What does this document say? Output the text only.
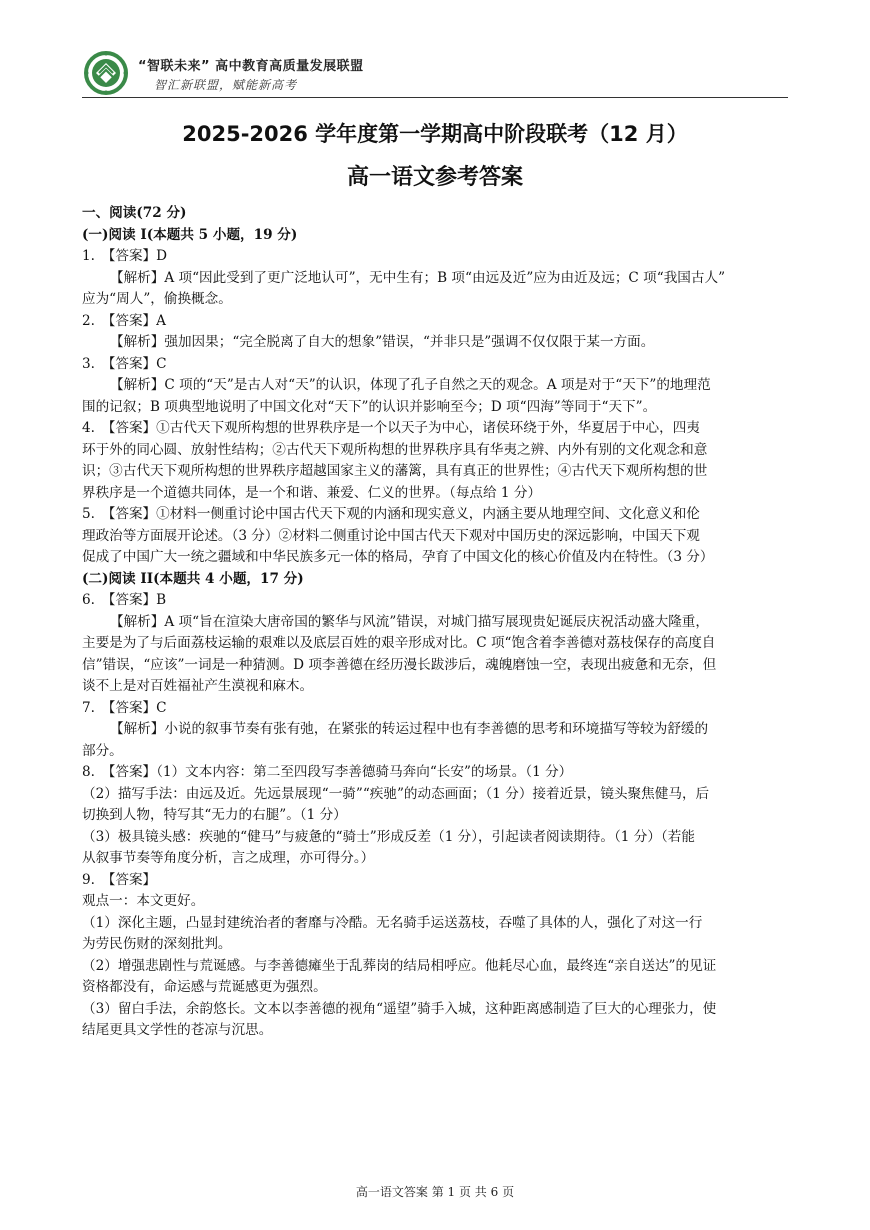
“智联未来” 高中教育高质量发展联盟
智汇新联盟，赋能新高考
2025-2026 学年度第一学期高中阶段联考（12 月）
高一语文参考答案
一、阅读(72 分)
(一)阅读 I(本题共 5 小题，19 分)
1.　【答案】D
【解析】A 项“因此受到了更广泛地认可”，无中生有；B 项“由远及近”应为由近及远；C 项“我国古人”
应为“周人”，偷换概念。
2.　【答案】A
【解析】强加因果；“完全脱离了自大的想象”错误，“并非只是”强调不仅仅限于某一方面。
3.　【答案】C
【解析】C 项的“天”是古人对“天”的认识，体现了孔子自然之天的观念。A 项是对于“天下”的地理范
围的记叙；B 项典型地说明了中国文化对“天下”的认识并影响至今；D 项“四海”等同于“天下”。
4.　【答案】①古代天下观所构想的世界秩序是一个以天子为中心，诸侯环绕于外，华夏居于中心，四夷
环于外的同心圆、放射性结构；②古代天下观所构想的世界秩序具有华夷之辨、内外有别的文化观念和意
识；③古代天下观所构想的世界秩序超越国家主义的藩篱，具有真正的世界性；④古代天下观所构想的世
界秩序是一个道德共同体，是一个和谐、兼爱、仁义的世界。（每点给 1 分）
5.　【答案】①材料一侧重讨论中国古代天下观的内涵和现实意义，内涵主要从地理空间、文化意义和伦
理政治等方面展开论述。（3 分）②材料二侧重讨论中国古代天下观对中国历史的深远影响，中国天下观
促成了中国广大一统之疆域和中华民族多元一体的格局，孕育了中国文化的核心价值及内在特性。（3 分）
(二)阅读 II(本题共 4 小题，17 分)
6.　【答案】B
【解析】A 项“旨在渲染大唐帝国的繁华与风流”错误，对城门描写展现贵妃诞辰庆祝活动盛大隆重，
主要是为了与后面荔枝运输的艰难以及底层百姓的艰辛形成对比。C 项“饱含着李善德对荔枝保存的高度自
信”错误，“应该”一词是一种猜测。D 项李善德在经历漫长跋涉后，魂魄磨蚀一空，表现出疲惫和无奈，但
谈不上是对百姓福祉产生漠视和麻木。
7.　【答案】C
【解析】小说的叙事节奏有张有弛，在紧张的转运过程中也有李善德的思考和环境描写等较为舒缓的
部分。
8.　【答案】（1）文本内容：第二至四段写李善德骑马奔向“长安”的场景。（1 分）
（2）描写手法：由远及近。先远景展现“一骑”“疾驰”的动态画面；（1 分）接着近景，镜头聚焦健马，后
切换到人物，特写其“无力的右腿”。（1 分）
（3）极具镜头感：疾驰的“健马”与疲惫的“骑士”形成反差（1 分），引起读者阅读期待。（1 分）（若能
从叙事节奏等角度分析，言之成理，亦可得分。）
9.　【答案】
观点一：本文更好。
（1）深化主题，凸显封建统治者的奢靡与冷酷。无名骑手运送荔枝，吞噬了具体的人，强化了对这一行
为劳民伤财的深刻批判。
（2）增强悲剧性与荒诞感。与李善德瘫坐于乱葬岗的结局相呼应。他耗尽心血，最终连“亲自送达”的见证
资格都没有，命运感与荒诞感更为强烈。
（3）留白手法，余韵悠长。文本以李善德的视角“遥望”骑手入城，这种距离感制造了巨大的心理张力，使
结尾更具文学性的苍凉与沉思。
高一语文答案 第 1 页 共 6 页
